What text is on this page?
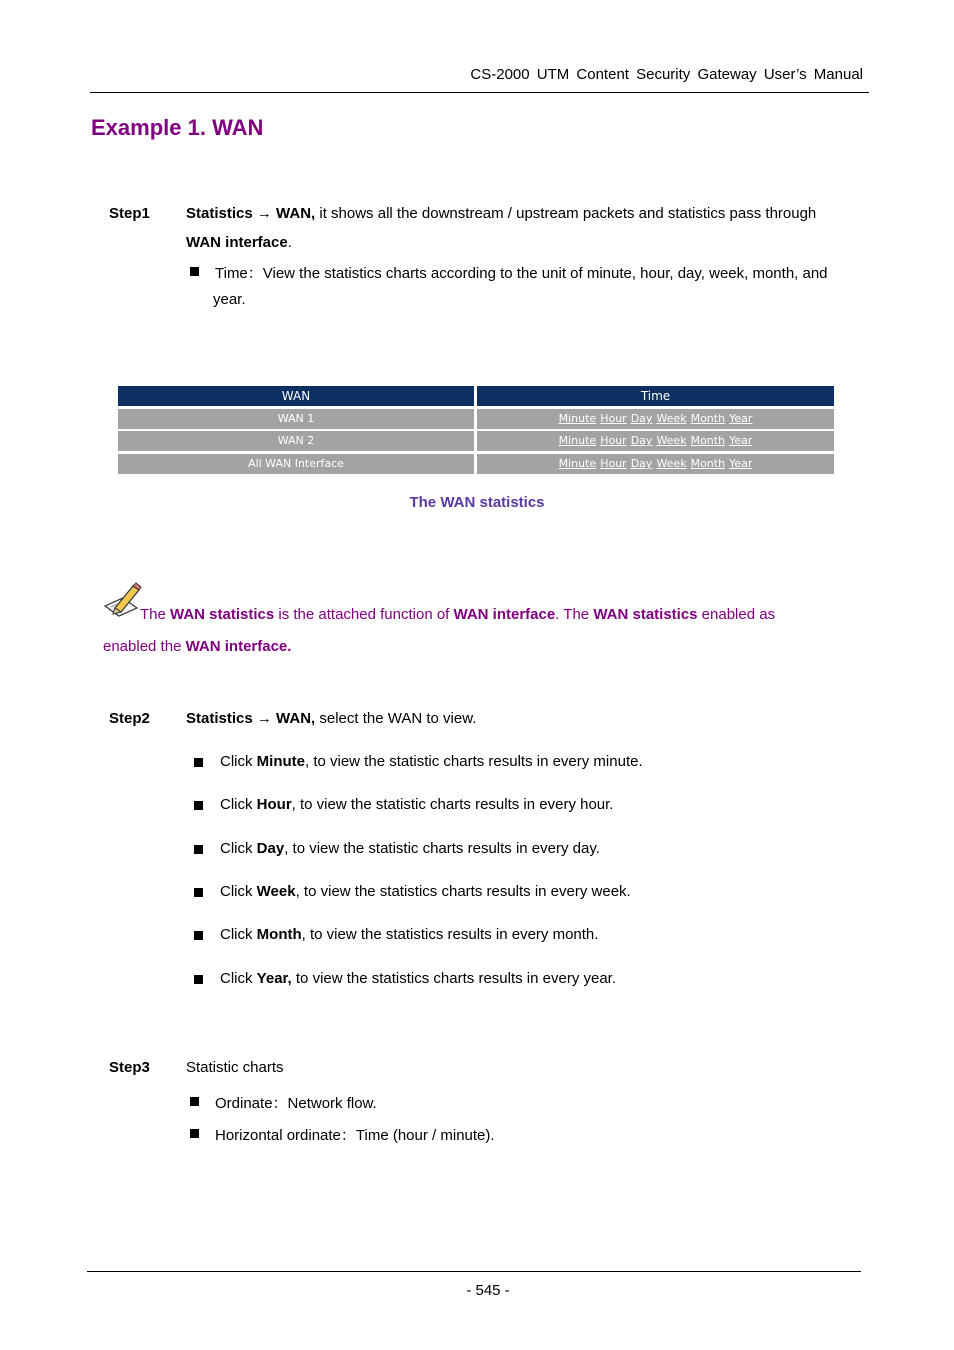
CS-2000 UTM Content Security Gateway User’s Manual
Example 1. WAN
Step1 Statistics → WAN, it shows all the downstream / upstream packets and statistics pass through
WAN interface.
Time：View the statistics charts according to the unit of minute, hour, day, week, month, and
year.
WAN	Time
WAN 1	Minute Hour Day Week Month Year
WAN 2	Minute Hour Day Week Month Year
All WAN Interface	Minute Hour Day Week Month Year
The WAN statistics
The WAN statistics is the attached function of WAN interface. The WAN statistics enabled as
enabled the WAN interface.
Step2 Statistics → WAN, select the WAN to view.
Click Minute, to view the statistic charts results in every minute.
Click Hour, to view the statistic charts results in every hour.
Click Day, to view the statistic charts results in every day.
Click Week, to view the statistics charts results in every week.
Click Month, to view the statistics results in every month.
Click Year, to view the statistics charts results in every year.
Step3 Statistic charts
Ordinate：Network flow.
Horizontal ordinate：Time (hour / minute).
- 545 -
